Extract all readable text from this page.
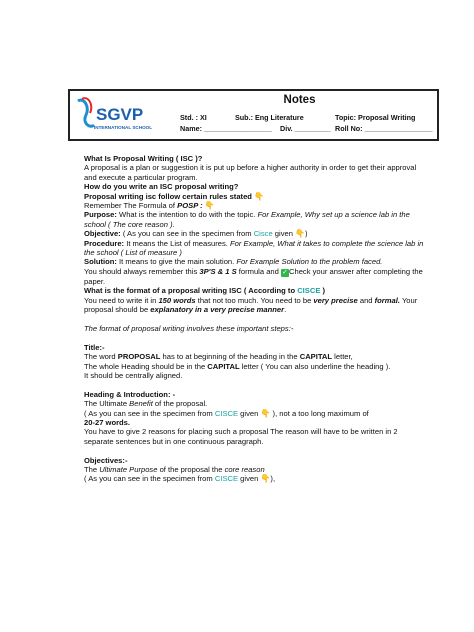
SGVP
INTERNATIONAL SCHOOL
Notes
Std. : XI	Sub.: Eng Literature	Topic: Proposal Writing
Name: _________________ Div. _________ Roll No: _________________

What Is Proposal Writing ( ISC )?

A proposal is a plan or suggestion it is put up before a higher authority in order to get their approval and execute a particular program.

How do you write an ISC proposal writing?

Proposal writing isc follow certain rules stated 👇

Remember The Formula of POSP : 👇

Purpose: What is the intention to do with the topic. For Example, Why set up a science lab in the school ( The core reason ).

Objective: ( As you can see in the specimen from Cisce given 👇)

Procedure: It means the List of measures. For Example, What it takes to complete the science lab in the school ( List of measure )

Solution: It means to give the main solution. For Example Solution to the problem faced.

You should always remember this 3P'S & 1 S formula and ✓Check your answer after completing the paper.

What is the format of a proposal writing ISC ( According to CISCE )

You need to write it in 150 words that not too much. You need to be very precise and formal. Your proposal should be explanatory in a very precise manner.

The format of proposal writing involves these important steps:-

Title:-

The word PROPOSAL has to at beginning of the heading in the CAPITAL letter,

The whole Heading should be in the CAPITAL letter ( You can also underline the heading ).

It should be centrally aligned.

Heading & Introduction: -

The Ultimate Benefit of the proposal.

( As you can see in the specimen from CISCE given 👇 ), not a too long maximum of

20-27 words.

You have to give 2 reasons for placing such a proposal The reason will have to be written in 2 separate sentences but in one continuous paragraph.

Objectives:-

The Ultimate Purpose of the proposal the core reason

( As you can see in the specimen from CISCE given 👇),
